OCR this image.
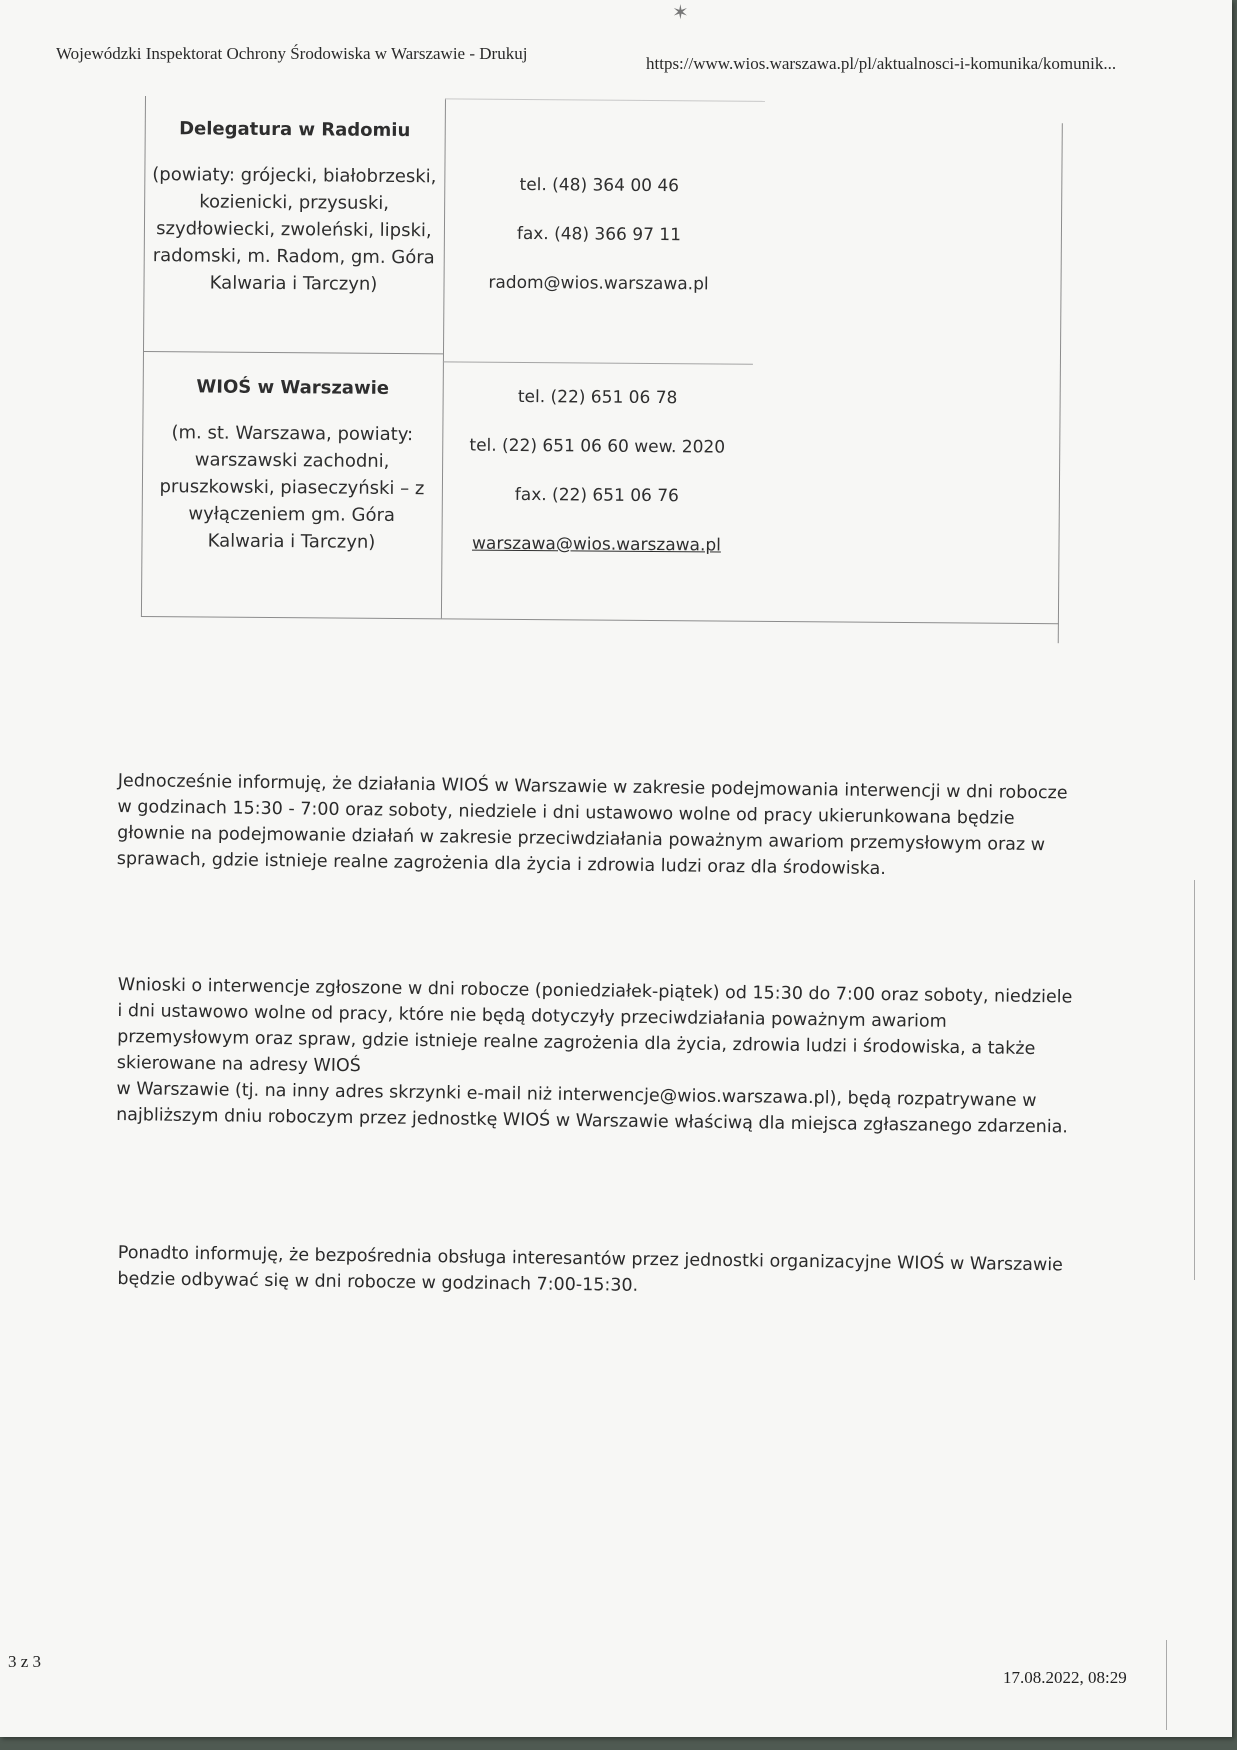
✶
Wojewódzki Inspektorat Ochrony Środowiska w Warszawie - Drukuj
https://www.wios.warszawa.pl/pl/aktualnosci-i-komunika/komunik...
Delegatura w Radomiu
(powiaty: grójecki, białobrzeski, kozienicki, przysuski, szydłowiecki, zwoleński, lipski, radomski, m. Radom, gm. Góra Kalwaria i Tarczyn)
tel. (48) 364 00 46
fax. (48) 366 97 11
radom@wios.warszawa.pl
WIOŚ w Warszawie
(m. st. Warszawa, powiaty: warszawski zachodni, pruszkowski, piaseczyński – z wyłączeniem gm. Góra Kalwaria i Tarczyn)
tel. (22) 651 06 78
tel. (22) 651 06 60 wew. 2020
fax. (22) 651 06 76
warszawa@wios.warszawa.pl

Jednocześnie informuję, że działania WIOŚ w Warszawie w zakresie podejmowania interwencji w dni robocze w godzinach 15:30 - 7:00 oraz soboty, niedziele i dni ustawowo wolne od pracy ukierunkowana będzie głownie na podejmowanie działań w zakresie przeciwdziałania poważnym awariom przemysłowym oraz w sprawach, gdzie istnieje realne zagrożenia dla życia i zdrowia ludzi oraz dla środowiska.

Wnioski o interwencje zgłoszone w dni robocze (poniedziałek-piątek) od 15:30 do 7:00 oraz soboty, niedziele i dni ustawowo wolne od pracy, które nie będą dotyczyły przeciwdziałania poważnym awariom przemysłowym oraz spraw, gdzie istnieje realne zagrożenia dla życia, zdrowia ludzi i środowiska, a także skierowane na adresy WIOŚ

w Warszawie (tj. na inny adres skrzynki e-mail niż interwencje@wios.warszawa.pl), będą rozpatrywane w najbliższym dniu roboczym przez jednostkę WIOŚ w Warszawie właściwą dla miejsca zgłaszanego zdarzenia.

Ponadto informuję, że bezpośrednia obsługa interesantów przez jednostki organizacyjne WIOŚ w Warszawie będzie odbywać się w dni robocze w godzinach 7:00-15:30.

3 z 3
17.08.2022, 08:29
